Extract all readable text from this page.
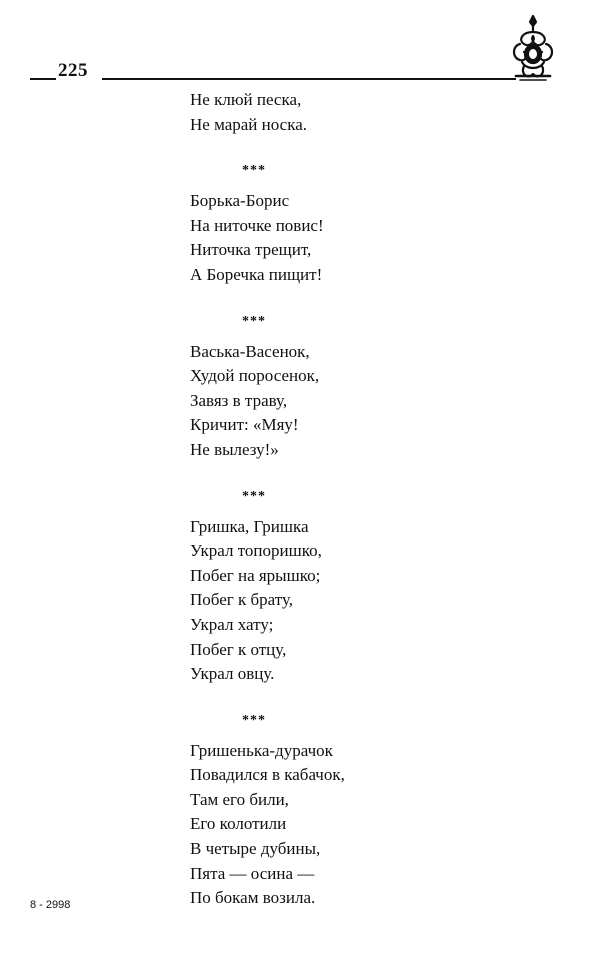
225
Не клюй песка,
Не марай носка.
***
Борька-Борис
На ниточке повис!
Ниточка трещит,
А Боречка пищит!
***
Васька-Васенок,
Худой поросенок,
Завяз в траву,
Кричит: «Мяу!
Не вылезу!»
***
Гришка, Гришка
Украл топоришко,
Побег на ярышко;
Побег к брату,
Украл хату;
Побег к отцу,
Украл овцу.
***
Гришенька-дурачок
Повадился в кабачок,
Там его били,
Его колотили
В четыре дубины,
Пята — осина —
По бокам возила.
8 - 2998
